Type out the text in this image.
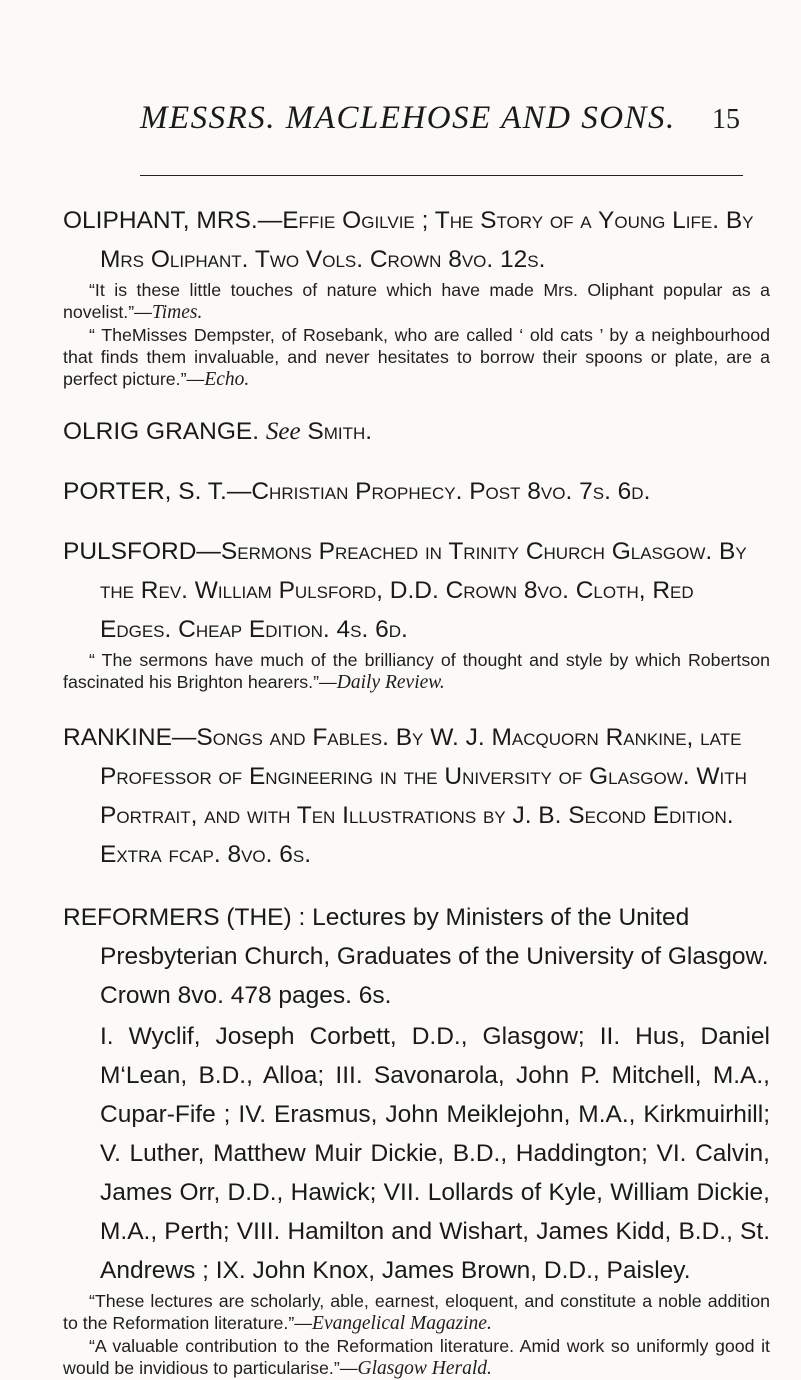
MESSRS. MACLEHOSE AND SONS. 15

OLIPHANT, MRS.—Effie Ogilvie ; The Story of a Young Life. By Mrs Oliphant. Two Vols. Crown 8vo. 12s.

“It is these little touches of nature which have made Mrs. Oliphant popular as a novelist.”—Times.

“ TheMisses Dempster, of Rosebank, who are called ‘ old cats ’ by a neighbourhood that finds them invaluable, and never hesitates to borrow their spoons or plate, are a perfect picture.”—Echo.

OLRIG GRANGE. See Smith.

PORTER, S. T.—Christian Prophecy. Post 8vo. 7s. 6d.

PULSFORD—Sermons Preached in Trinity Church Glasgow. By the Rev. William Pulsford, D.D. Crown 8vo. Cloth, Red Edges. Cheap Edition. 4s. 6d.

“ The sermons have much of the brilliancy of thought and style by which Robertson fascinated his Brighton hearers.”—Daily Review.

RANKINE—Songs and Fables. By W. J. Macquorn Rankine, late Professor of Engineering in the University of Glasgow. With Portrait, and with Ten Illustrations by J. B. Second Edition. Extra fcap. 8vo. 6s.

REFORMERS (THE) : Lectures by Ministers of the United Presbyterian Church, Graduates of the University of Glasgow. Crown 8vo. 478 pages. 6s.

I. Wyclif, Joseph Corbett, D.D., Glasgow; II. Hus, Daniel M‘Lean, B.D., Alloa; III. Savonarola, John P. Mitchell, M.A., Cupar-Fife ; IV. Erasmus, John Meiklejohn, M.A., Kirkmuirhill; V. Luther, Matthew Muir Dickie, B.D., Haddington; VI. Calvin, James Orr, D.D., Hawick; VII. Lollards of Kyle, William Dickie, M.A., Perth; VIII. Hamilton and Wishart, James Kidd, B.D., St. Andrews ; IX. John Knox, James Brown, D.D., Paisley.

“These lectures are scholarly, able, earnest, eloquent, and constitute a noble addition to the Reformation literature.”—Evangelical Magazine.

“A valuable contribution to the Reformation literature. Amid work so uniformly good it would be invidious to particularise.”—Glasgow Herald.
